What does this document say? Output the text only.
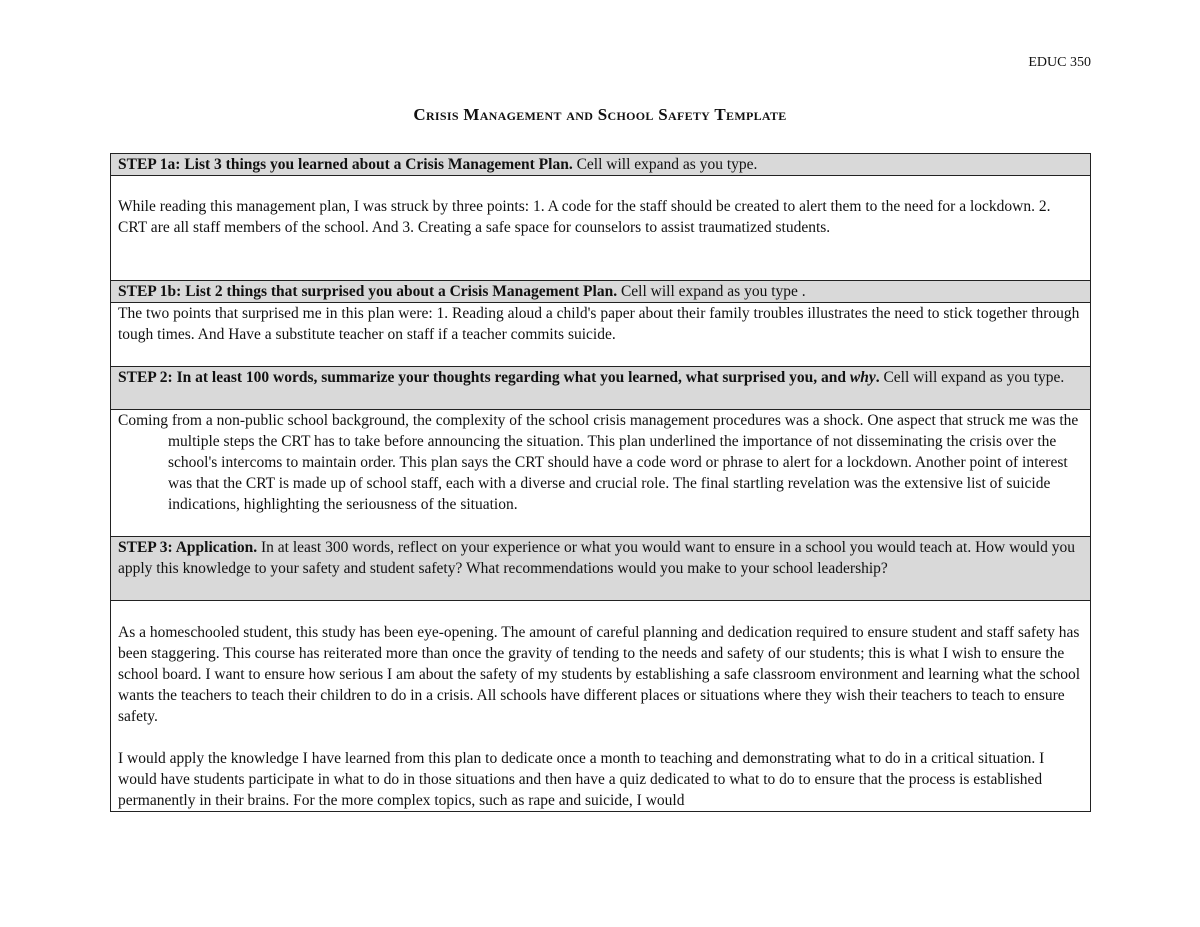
EDUC 350
Crisis Management and School Safety Template
STEP 1a: List 3 things you learned about a Crisis Management Plan. Cell will expand as you type.

While reading this management plan, I was struck by three points: 1. A code for the staff should be created to alert them to the need for a lockdown. 2. CRT are all staff members of the school. And 3. Creating a safe space for counselors to assist traumatized students.

STEP 1b: List 2 things that surprised you about a Crisis Management Plan. Cell will expand as you type .

The two points that surprised me in this plan were: 1. Reading aloud a child's paper about their family troubles illustrates the need to stick together through tough times. And Have a substitute teacher on staff if a teacher commits suicide.

STEP 2: In at least 100 words, summarize your thoughts regarding what you learned, what surprised you, and why. Cell will expand as you type.

Coming from a non-public school background, the complexity of the school crisis management procedures was a shock. One aspect that struck me was the multiple steps the CRT has to take before announcing the situation. This plan underlined the importance of not disseminating the crisis over the school's intercoms to maintain order. This plan says the CRT should have a code word or phrase to alert for a lockdown. Another point of interest was that the CRT is made up of school staff, each with a diverse and crucial role. The final startling revelation was the extensive list of suicide indications, highlighting the seriousness of the situation.

STEP 3: Application. In at least 300 words, reflect on your experience or what you would want to ensure in a school you would teach at. How would you apply this knowledge to your safety and student safety? What recommendations would you make to your school leadership?

As a homeschooled student, this study has been eye-opening. The amount of careful planning and dedication required to ensure student and staff safety has been staggering. This course has reiterated more than once the gravity of tending to the needs and safety of our students; this is what I wish to ensure the school board. I want to ensure how serious I am about the safety of my students by establishing a safe classroom environment and learning what the school wants the teachers to teach their children to do in a crisis. All schools have different places or situations where they wish their teachers to teach to ensure safety.

I would apply the knowledge I have learned from this plan to dedicate once a month to teaching and demonstrating what to do in a critical situation. I would have students participate in what to do in those situations and then have a quiz dedicated to what to do to ensure that the process is established permanently in their brains. For the more complex topics, such as rape and suicide, I would
